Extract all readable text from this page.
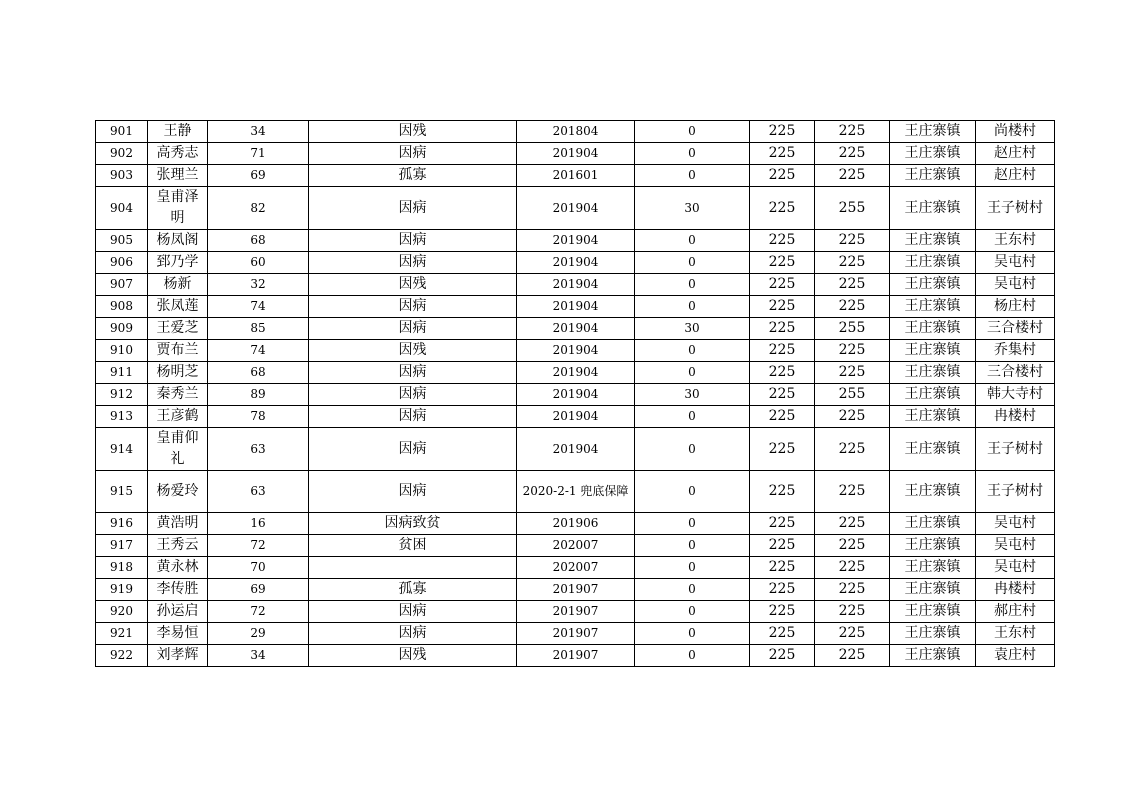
901	王静	34	因残	201804	0	225	225	王庄寨镇	尚楼村
902	高秀志	71	因病	201904	0	225	225	王庄寨镇	赵庄村
903	张理兰	69	孤寡	201601	0	225	225	王庄寨镇	赵庄村
904	皇甫泽明	82	因病	201904	30	225	255	王庄寨镇	王子树村
905	杨凤阁	68	因病	201904	0	225	225	王庄寨镇	王东村
906	郅乃学	60	因病	201904	0	225	225	王庄寨镇	吴屯村
907	杨新	32	因残	201904	0	225	225	王庄寨镇	吴屯村
908	张凤莲	74	因病	201904	0	225	225	王庄寨镇	杨庄村
909	王爱芝	85	因病	201904	30	225	255	王庄寨镇	三合楼村
910	贾布兰	74	因残	201904	0	225	225	王庄寨镇	乔集村
911	杨明芝	68	因病	201904	0	225	225	王庄寨镇	三合楼村
912	秦秀兰	89	因病	201904	30	225	255	王庄寨镇	韩大寺村
913	王彦鹤	78	因病	201904	0	225	225	王庄寨镇	冉楼村
914	皇甫仰礼	63	因病	201904	0	225	225	王庄寨镇	王子树村
915	杨爱玲	63	因病	2020-2-1 兜底保障	0	225	225	王庄寨镇	王子树村
916	黄浩明	16	因病致贫	201906	0	225	225	王庄寨镇	吴屯村
917	王秀云	72	贫困	202007	0	225	225	王庄寨镇	吴屯村
918	黄永林	70		202007	0	225	225	王庄寨镇	吴屯村
919	李传胜	69	孤寡	201907	0	225	225	王庄寨镇	冉楼村
920	孙运启	72	因病	201907	0	225	225	王庄寨镇	郝庄村
921	李易恒	29	因病	201907	0	225	225	王庄寨镇	王东村
922	刘孝辉	34	因残	201907	0	225	225	王庄寨镇	袁庄村
